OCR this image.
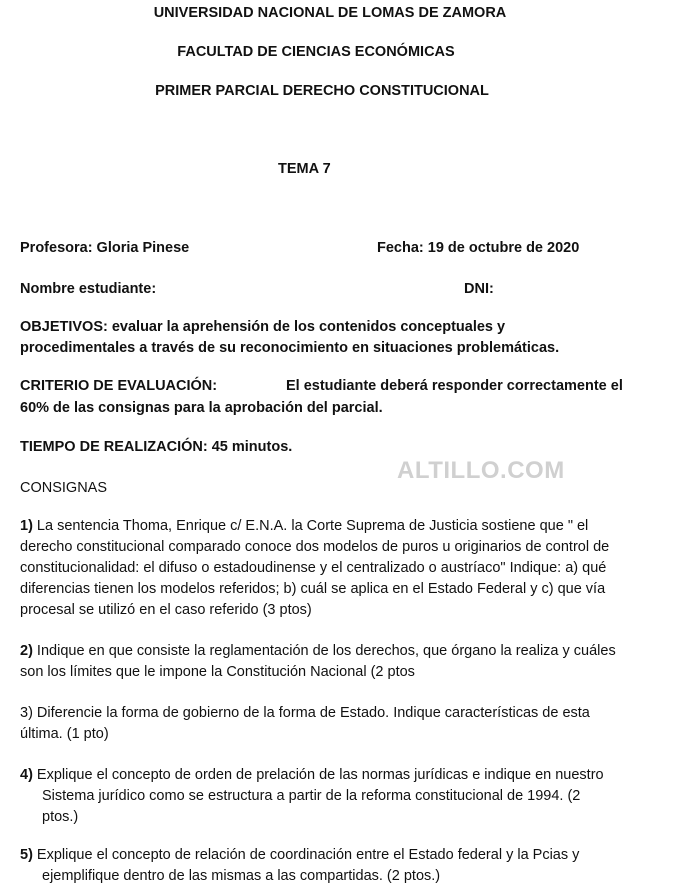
UNIVERSIDAD NACIONAL DE LOMAS DE ZAMORA
FACULTAD DE CIENCIAS ECONÓMICAS
PRIMER PARCIAL DERECHO CONSTITUCIONAL
TEMA 7
Profesora: Gloria Pinese	Fecha: 19 de octubre de 2020
Nombre estudiante:	DNI:
OBJETIVOS: evaluar la aprehensión de los contenidos conceptuales y
procedimentales a través de su reconocimiento en situaciones problemáticas.
CRITERIO DE EVALUACIÓN:	El estudiante deberá responder correctamente el
60% de las consignas para la aprobación del parcial.
TIEMPO DE REALIZACIÓN: 45 minutos.
ALTILLO.COM
CONSIGNAS
1) La sentencia Thoma, Enrique c/ E.N.A. la Corte Suprema de Justicia sostiene que " el
derecho constitucional comparado conoce dos modelos de puros u originarios de control de
constitucionalidad: el difuso o estadoudinense y el centralizado o austríaco" Indique: a) qué
diferencias tienen los modelos referidos; b) cuál se aplica en el Estado Federal y c) que vía
procesal se utilizó en el caso referido (3 ptos)
2) Indique en que consiste la reglamentación de los derechos, que órgano la realiza y cuáles
son los límites que le impone la Constitución Nacional (2 ptos
3) Diferencie la forma de gobierno de la forma de Estado. Indique características de esta
última. (1 pto)
4) Explique el concepto de orden de prelación de las normas jurídicas e indique en nuestro
Sistema jurídico como se estructura a partir de la reforma constitucional de 1994. (2
ptos.)
5) Explique el concepto de relación de coordinación entre el Estado federal y la Pcias y
ejemplifique dentro de las mismas a las compartidas. (2 ptos.)
